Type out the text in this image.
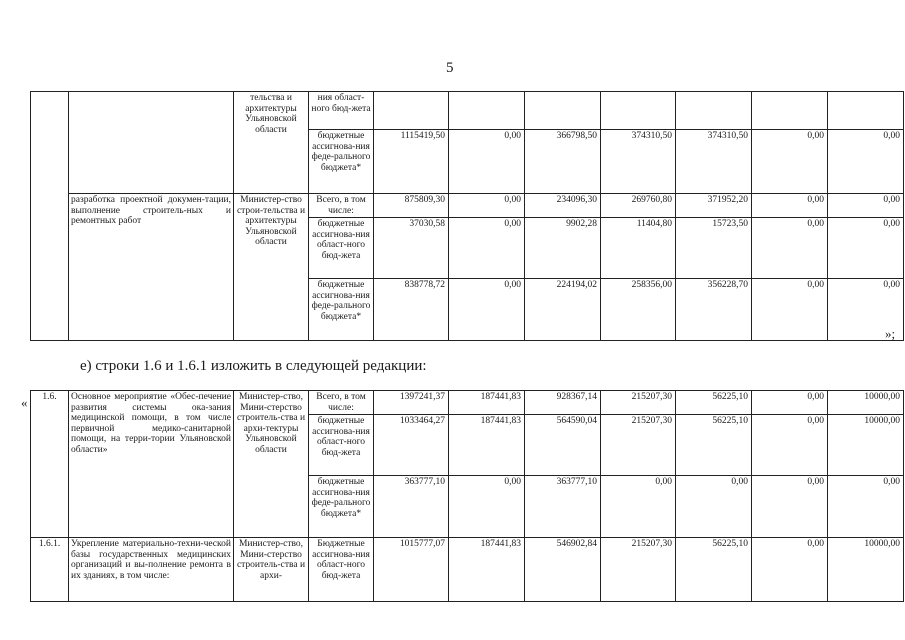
5
		тельства и архитектуры Ульяновской области	ния област-ного бюд-жета							
			бюджетные ассигнова-ния феде-рального бюджета*	1115419,50	0,00	366798,50	374310,50	374310,50	0,00	0,00
	разработка проектной докумен-тации, выполнение строитель-ных и ремонтных работ	Министер-ство строи-тельства и архитектуры Ульяновской области	Всего, в том числе:	875809,30	0,00	234096,30	269760,80	371952,20	0,00	0,00
			бюджетные ассигнова-ния област-ного бюд-жета	37030,58	0,00	9902,28	11404,80	15723,50	0,00	0,00
			бюджетные ассигнова-ния феде-рального бюджета*	838778,72	0,00	224194,02	258356,00	356228,70	0,00	0,00
»;
е) строки 1.6 и 1.6.1 изложить в следующей редакции:
« 1.6.	Основное мероприятие «Обес-печение развития системы ока-зания медицинской помощи, в том числе первичной медико-санитарной помощи, на терри-тории Ульяновской области»	Министер-ство, Мини-стерство строитель-ства и архи-тектуры Ульяновской области	Всего, в том числе:	1397241,37	187441,83	928367,14	215207,30	56225,10	0,00	10000,00
			бюджетные ассигнова-ния област-ного бюд-жета	1033464,27	187441,83	564590,04	215207,30	56225,10	0,00	10000,00
			бюджетные ассигнова-ния феде-рального бюджета*	363777,10	0,00	363777,10	0,00	0,00	0,00	0,00
1.6.1.	Укрепление материально-техни-ческой базы государственных медицинских организаций и вы-полнение ремонта в их зданиях, в том числе:	Министер-ство, Мини-стерство строитель-ства и архи-	Бюджетные ассигнова-ния област-ного бюд-жета	1015777,07	187441,83	546902,84	215207,30	56225,10	0,00	10000,00
